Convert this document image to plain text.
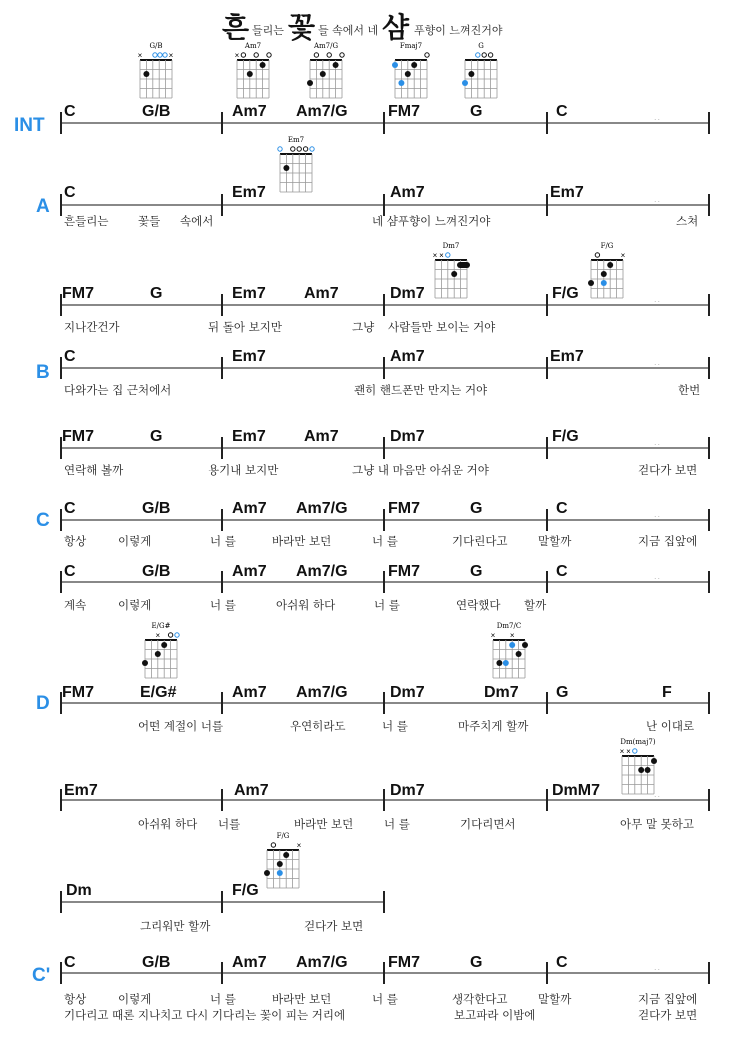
흔 들리는 꽃 들 속에서 네 샴 푸향이 느껴진거야
INT
A
B
C
D
C'
G/B
×	×
Am7
×
Am7/G	Fmaj7	G
Em7
Dm7
× ×
F/G
×
E/G#
×
Dm7/C
× ×
Dm(maj7)
× ×
F/G
×
C	G/B	Am7 Am7/G	FM7	G	C	..
C	Em7	Am7	Em7	..
흔들리는	꽃들 속에서	네 샴푸향이 느껴진거야	스쳐
FM7	G	Em7 Am7	Dm7	F/G	..
지나간건가	뒤 돌아 보지만	그냥 사람들만 보이는 거야
C	Em7	Am7	Em7	..
다와가는 집 근처에서	괜히 핸드폰만 만지는 거야	한번
FM7	G	Em7 Am7	Dm7	F/G	..
연락해 볼까	용기내 보지만	그냥 내 마음만 아쉬운 거야	걷다가 보면
C	G/B	Am7 Am7/G	FM7	G	C	..
항상	이렇게	너 를	바라만 보던	너 를	기다린다고	말할까	지금 집앞에
C	G/B	Am7 Am7/G	FM7	G	C	..
계속	이렇게	너 를	아쉬워 하다	너 를	연락했다 할까
FM7	E/G#	Am7 Am7/G	Dm7	Dm7 G	F
어떤 계절이 너를	우연히라도	너 를	마주치게 할까	난 이대로
Em7	Am7	Dm7	DmM7	..
아쉬워 하다 너를	바라만 보던	너 를	기다리면서	아무 말 못하고
Dm	F/G
그리워만 할까	걷다가 보면
C	G/B	Am7 Am7/G	FM7	G	C	..
항상	이렇게	너 를	바라만 보던	너 를	생각한다고	말할까	지금 집앞에
기다리고 때론 지나치고 다시 기다리는 꽃이 피는 거리에	보고파라 이밤에	걷다가 보면
